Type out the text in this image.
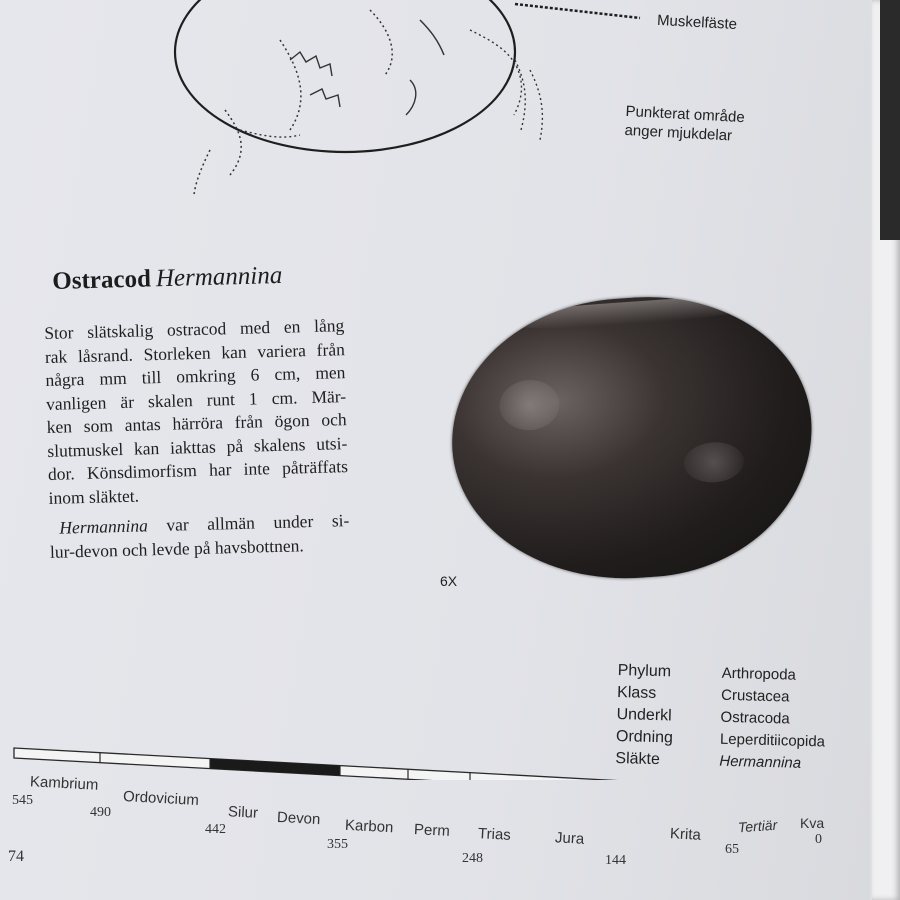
Muskelfäste
Punkterat område
anger mjukdelar
Ostracod Hermannina
Stor slätskalig ostracod med en lång
rak låsrand. Storleken kan variera från
några mm till omkring 6 cm, men
vanligen är skalen runt 1 cm. Mär-
ken som antas härröra från ögon och
slutmuskel kan iakttas på skalens utsi-
dor. Könsdimorfism har inte påträffats
inom släktet.
Hermannina var allmän under si-
lur-devon och levde på havsbottnen.
6X
Phylum	Arthropoda
Klass	Crustacea
Underkl	Ostracoda
Ordning	Leperditiicopida
Släkte	Hermannina
Kambrium
Ordovicium
Silur Devon Karbon Perm Trias	Jura	Krita	Tertiär Kva
545
490
442
355
248	144
65
0
74
